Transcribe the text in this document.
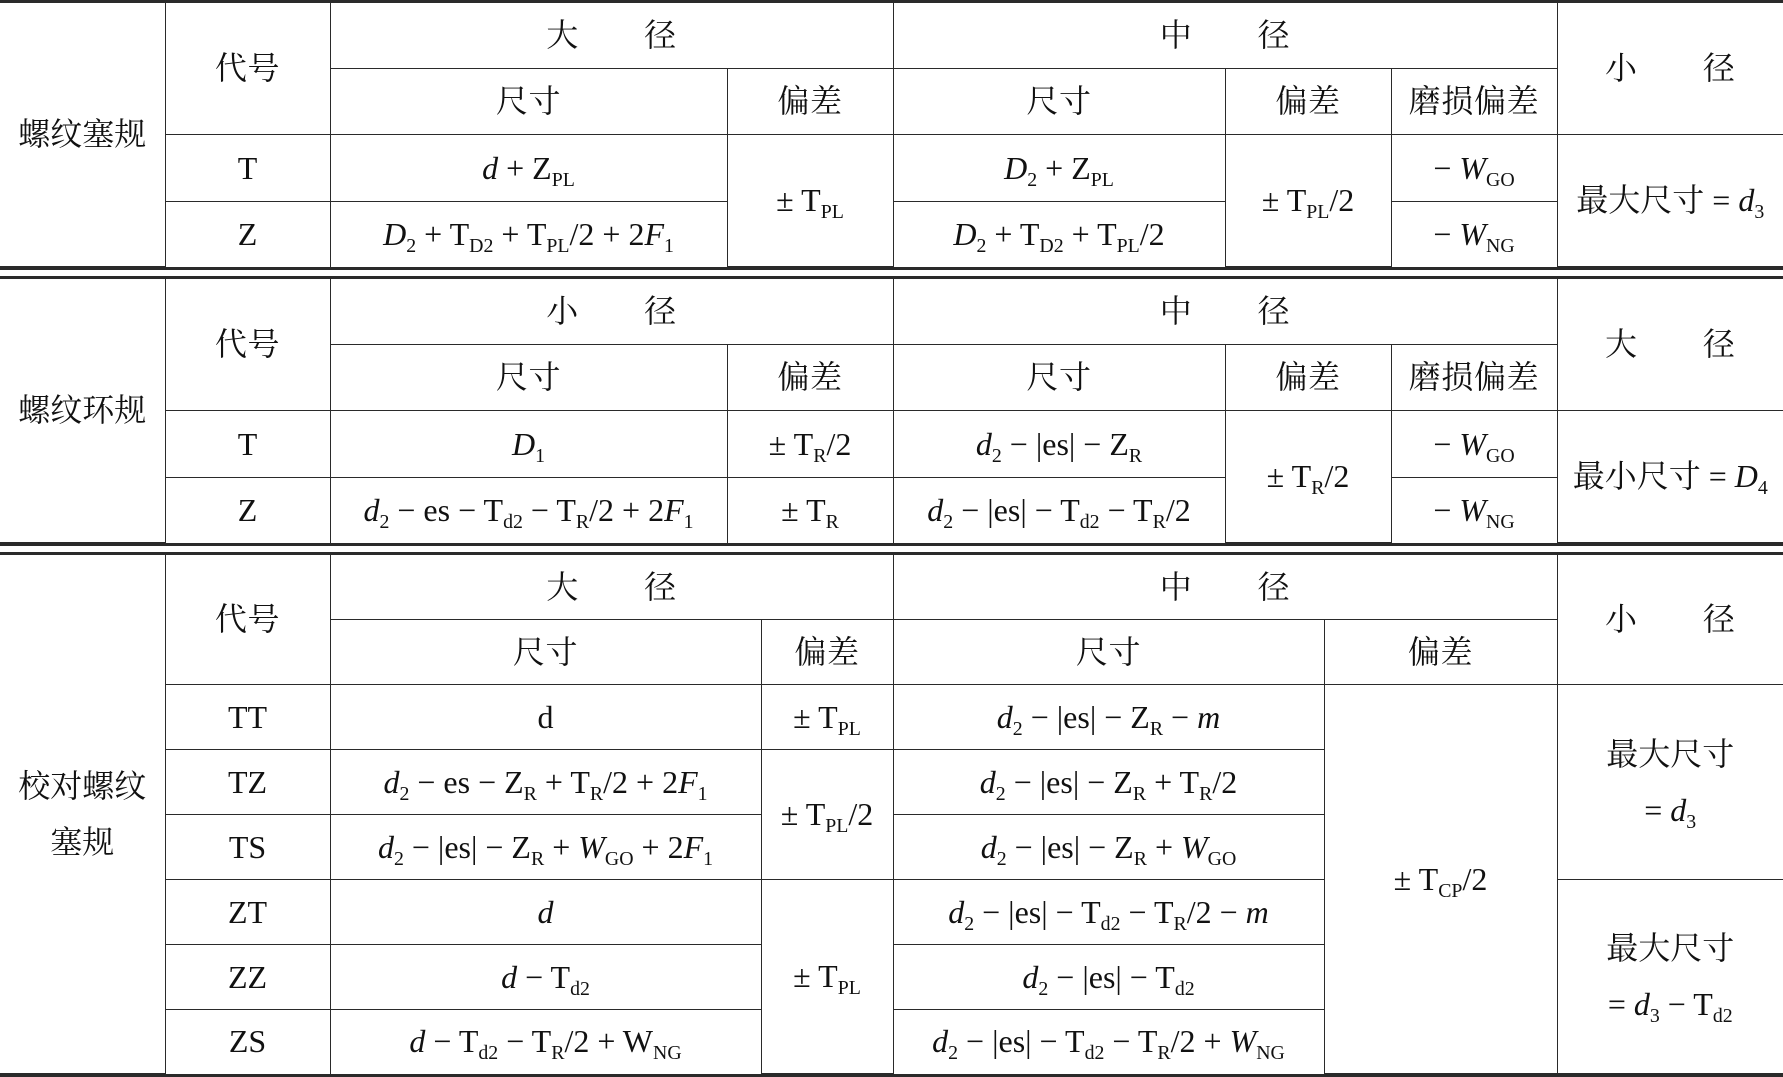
螺纹塞规	代号	大　　径		中　　径			小　　径
		尺寸	偏差	尺寸	偏差	磨损偏差	
	T	$d + Z_{PL}$	± $T_{PL}$	$D_2 + Z_{PL}$	± $T_{PL}/2$	− $W_{GO}$	最大尺寸 = $d_3$
	Z	$D_2 + T_{D2} + T_{PL}/2 + 2F_1$		$D_2 + T_{D2} + T_{PL}/2$		− $W_{NG}$
螺纹环规	代号	小　　径		中　　径			大　　径
		尺寸	偏差	尺寸	偏差	磨损偏差	
	T	$D_1$	± $T_R/2$	$d_2 - |es| - Z_R$	± $T_R/2$	− $W_{GO}$	最小尺寸 = $D_4$
	Z	$d_2$ − es − $T_{d2} - T_R/2 + 2F_1$	± $T_R$	$d_2 - |es| - T_{d2} - T_R/2$		− $W_{NG}$
校对螺纹塞规	代号	大　　径		中　　径		小　　径
		尺寸	偏差	尺寸	偏差	
	TT	d	± $T_{PL}$	$d_2 - |es| - Z_R - m$	± $T_{CP}/2$	最大尺寸
= $d_3$
	TZ	$d_2$ − es − $Z_R + T_R/2 + 2F_1$	± $T_{PL}/2$	$d_2 - |es| - Z_R + T_R/2$		
	TS	$d_2 - |es| - Z_R + W_{GO} + 2F_1$		$d_2 - |es| - Z_R + W_{GO}$
	ZT	d	± $T_{PL}$	$d_2 - |es| - T_{d2} - T_R/2 - m$		最大尺寸
= $d_3 - T_{d2}$
	ZZ	$d - T_{d2}$		$d_2 - |es| - T_{d2}$
	ZS	$d - T_{d2} - T_R/2 + W_{NG}$		$d_2 - |es| - T_{d2} - T_R/2 + W_{NG}$
